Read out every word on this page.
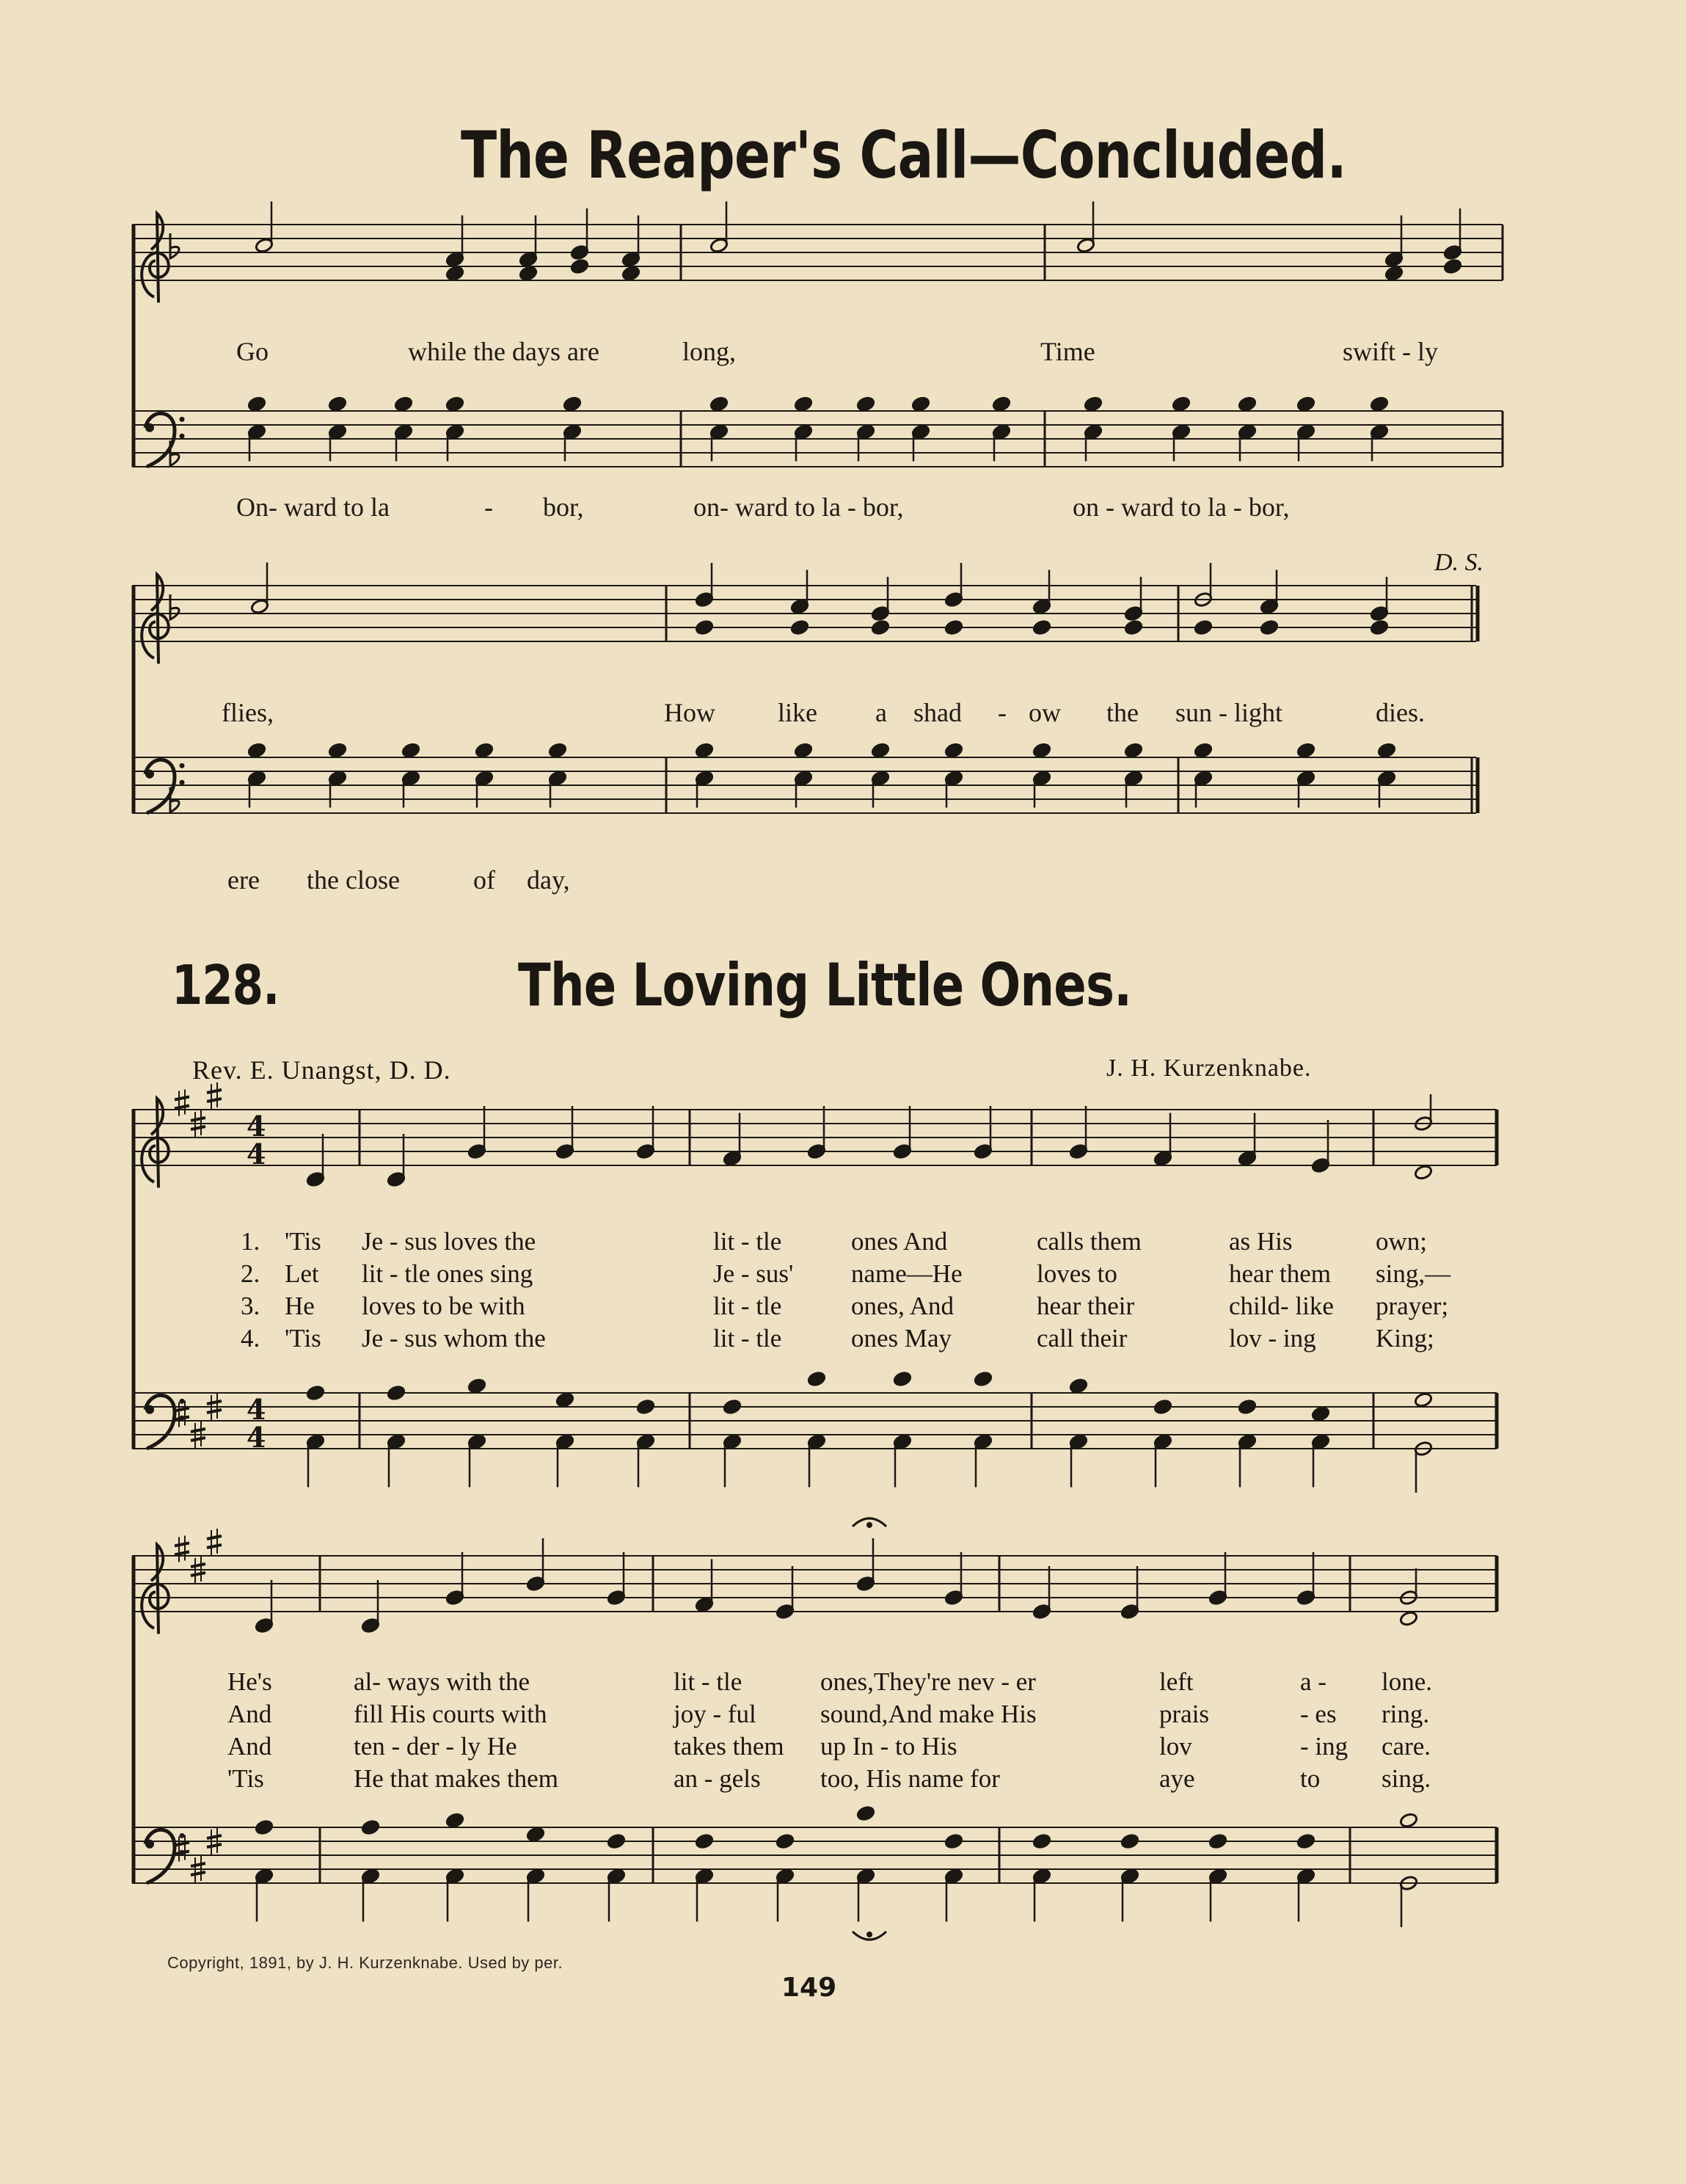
The Reaper's Call—Concluded.
D. S.
Go	while the days are	long,	Time	swift - ly
On- ward to la	- bor,	on- ward to la - bor,	on - ward to la - bor,
flies,	How like a shad - ow the sun - light	dies.
ere the close	of day,
128.	The Loving Little Ones.
Rev. E. Unangst, D. D.	J. H. Kurzenknabe.
1. 'Tis Je - sus loves the	lit - tle	ones And	calls them	as His	own;
2. Let lit - tle ones sing	Je - sus' name—He	loves to	hear them sing,—
3. He loves to be with	lit - tle	ones, And	hear their	child- like prayer;
4. 'Tis Je - sus whom the	lit - tle	ones May	call their	lov - ing King;
He's	al- ways with the	lit - tle	ones,They're nev - er	left	a - lone.
And	fill His courts with	joy - ful sound,And make His	prais	- es ring.
And	ten - der - ly He	takes them up In - to His	lov	- ing care.
'Tis	He that makes them	an - gels too, His name for	aye	to sing.
Copyright, 1891, by J. H. Kurzenknabe. Used by per.
149
4
4
4
4
